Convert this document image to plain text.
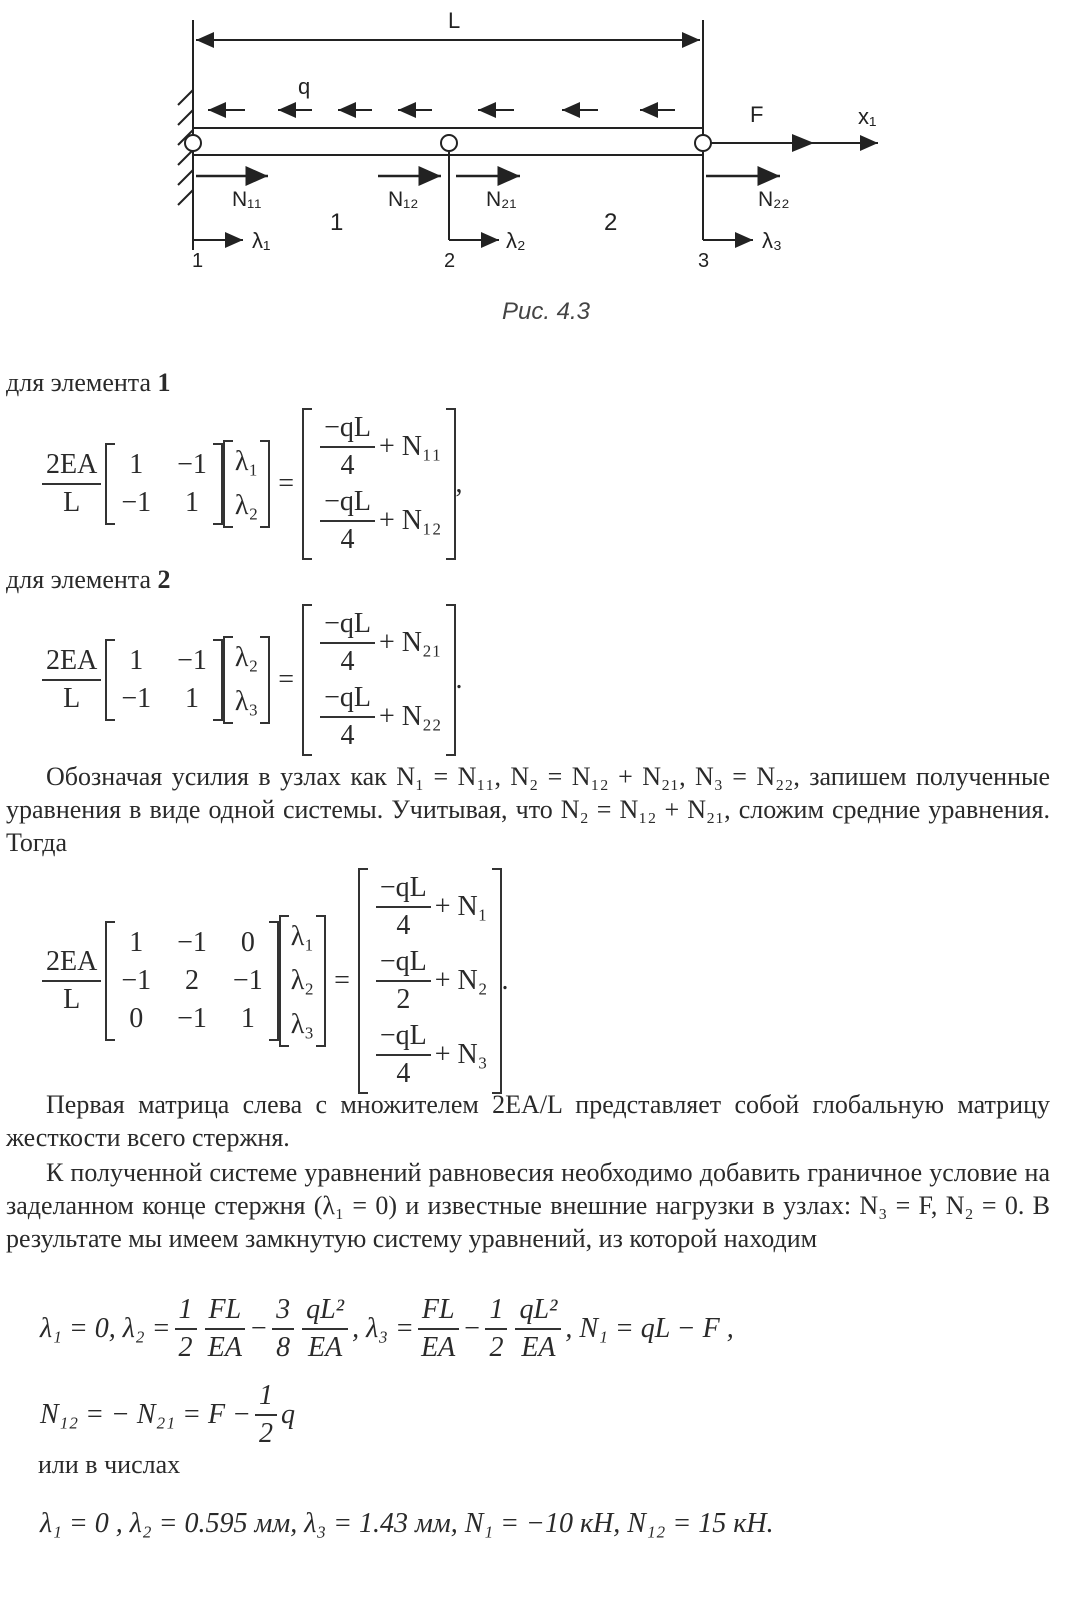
L
q
F	x₁
N₁₁	N₁₂	N₂₁	N₂₂
1	2
λ₁	λ₂	λ₃
1	2	3
Рис. 4.3
для элемента 1
$\frac{2EA}{L} 1 -1$
−1 1
λ₁
λ₂
= $\frac{-qL}{4} + N_{11}$
$\frac{-qL}{4} + N_{12}$
,
для элемента 2
$\frac{2EA}{L} 1 -1$
−1 1
λ₂
λ₃
= $\frac{-qL}{4} + N_{21}$
$\frac{-qL}{4} + N_{22}$
.
Обозначая усилия в узлах как N₁ = N₁₁, N₂ = N₁₂ + N₂₁, N₃ = N₂₂, запишем полученные уравнения в виде одной системы. Учитывая, что N₂ = N₁₂ + N₂₁, сложим средние уравнения. Тогда
$\frac{2EA}{L}$
1 −1 0
−1 2 −1
0 −1 1
λ₁
λ₂
λ₃
=
$\frac{-qL}{4} + N_1$
$\frac{-qL}{2} + N_2$
$\frac{-qL}{4} + N_3$
.
Первая матрица слева с множителем 2EA/L представляет собой глобальную матрицу жесткости всего стержня.
К полученной системе уравнений равновесия необходимо добавить граничное условие на заделанном конце стержня (λ₁ = 0) и известные внешние нагрузки в узлах: N₃ = F, N₂ = 0. В результате мы имеем замкнутую систему уравнений, из которой находим
λ₁ = 0, $\lambda_2 = \frac{1}{2} \frac{FL}{EA} - \frac{3}{8} \frac{\text{qL²}}{EA}$ , $\lambda_3 = \frac{FL}{EA} - \frac{1}{2} \frac{\text{qL²}}{EA}$ , N₁ = qL − F ,
N₁₂ = − $N_{21} = F - \frac{1}{2}$ q
или в числах
λ₁ = 0 , λ₂ = 0.595 мм, λ₃ = 1.43 мм, N₁ = −10 кН, N₁₂ = 15 кН.
